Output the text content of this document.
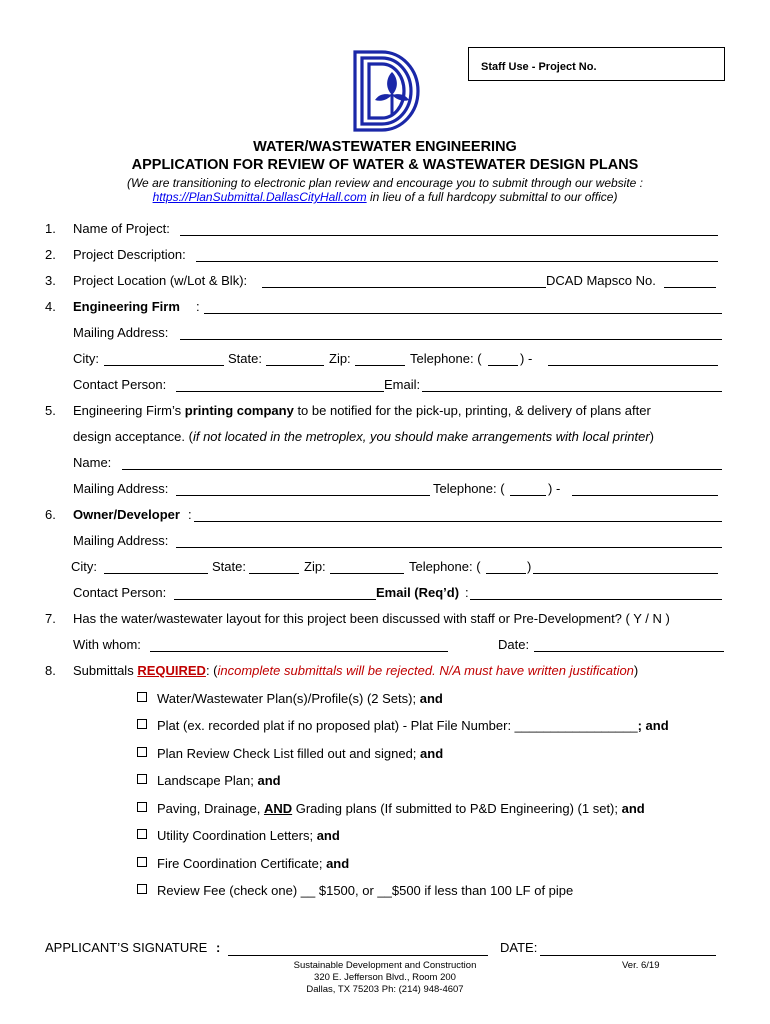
Staff Use - Project No.
WATER/WASTEWATER ENGINEERING
APPLICATION FOR REVIEW OF WATER & WASTEWATER DESIGN PLANS
(We are transitioning to electronic plan review and encourage you to submit through our website :
https://PlanSubmittal.DallasCityHall.com in lieu of a full hardcopy submittal to our office)
1. Name of Project:
2. Project Description:
3. Project Location (w/Lot & Blk):	DCAD Mapsco No.
4. Engineering Firm :
Mailing Address:
City:	State:	Zip:	Telephone: (	) -
Contact Person:	Email:
5. Engineering Firm’s printing company to be notified for the pick-up, printing, & delivery of plans after
design acceptance. (if not located in the metroplex, you should make arrangements with local printer)
Name:
Mailing Address:	Telephone: (	) -
6. Owner/Developer :
Mailing Address:
City:	State:	Zip:	Telephone: (	)
Contact Person:	Email (Req’d) :
7. Has the water/wastewater layout for this project been discussed with staff or Pre-Development? ( Y / N )
With whom:	Date:
8. Submittals REQUIRED: (incomplete submittals will be rejected. N/A must have written justification)
Water/Wastewater Plan(s)/Profile(s) (2 Sets); and
Plat (ex. recorded plat if no proposed plat) - Plat File Number: _________________; and
Plan Review Check List filled out and signed; and
Landscape Plan; and
Paving, Drainage, AND Grading plans (If submitted to P&D Engineering) (1 set); and
Utility Coordination Letters; and
Fire Coordination Certificate; and
Review Fee (check one) __ $1500, or __$500 if less than 100 LF of pipe
APPLICANT’S SIGNATURE :	DATE:
Sustainable Development and Construction
320 E. Jefferson Blvd., Room 200
Dallas, TX 75203 Ph: (214) 948-4607
Ver. 6/19
